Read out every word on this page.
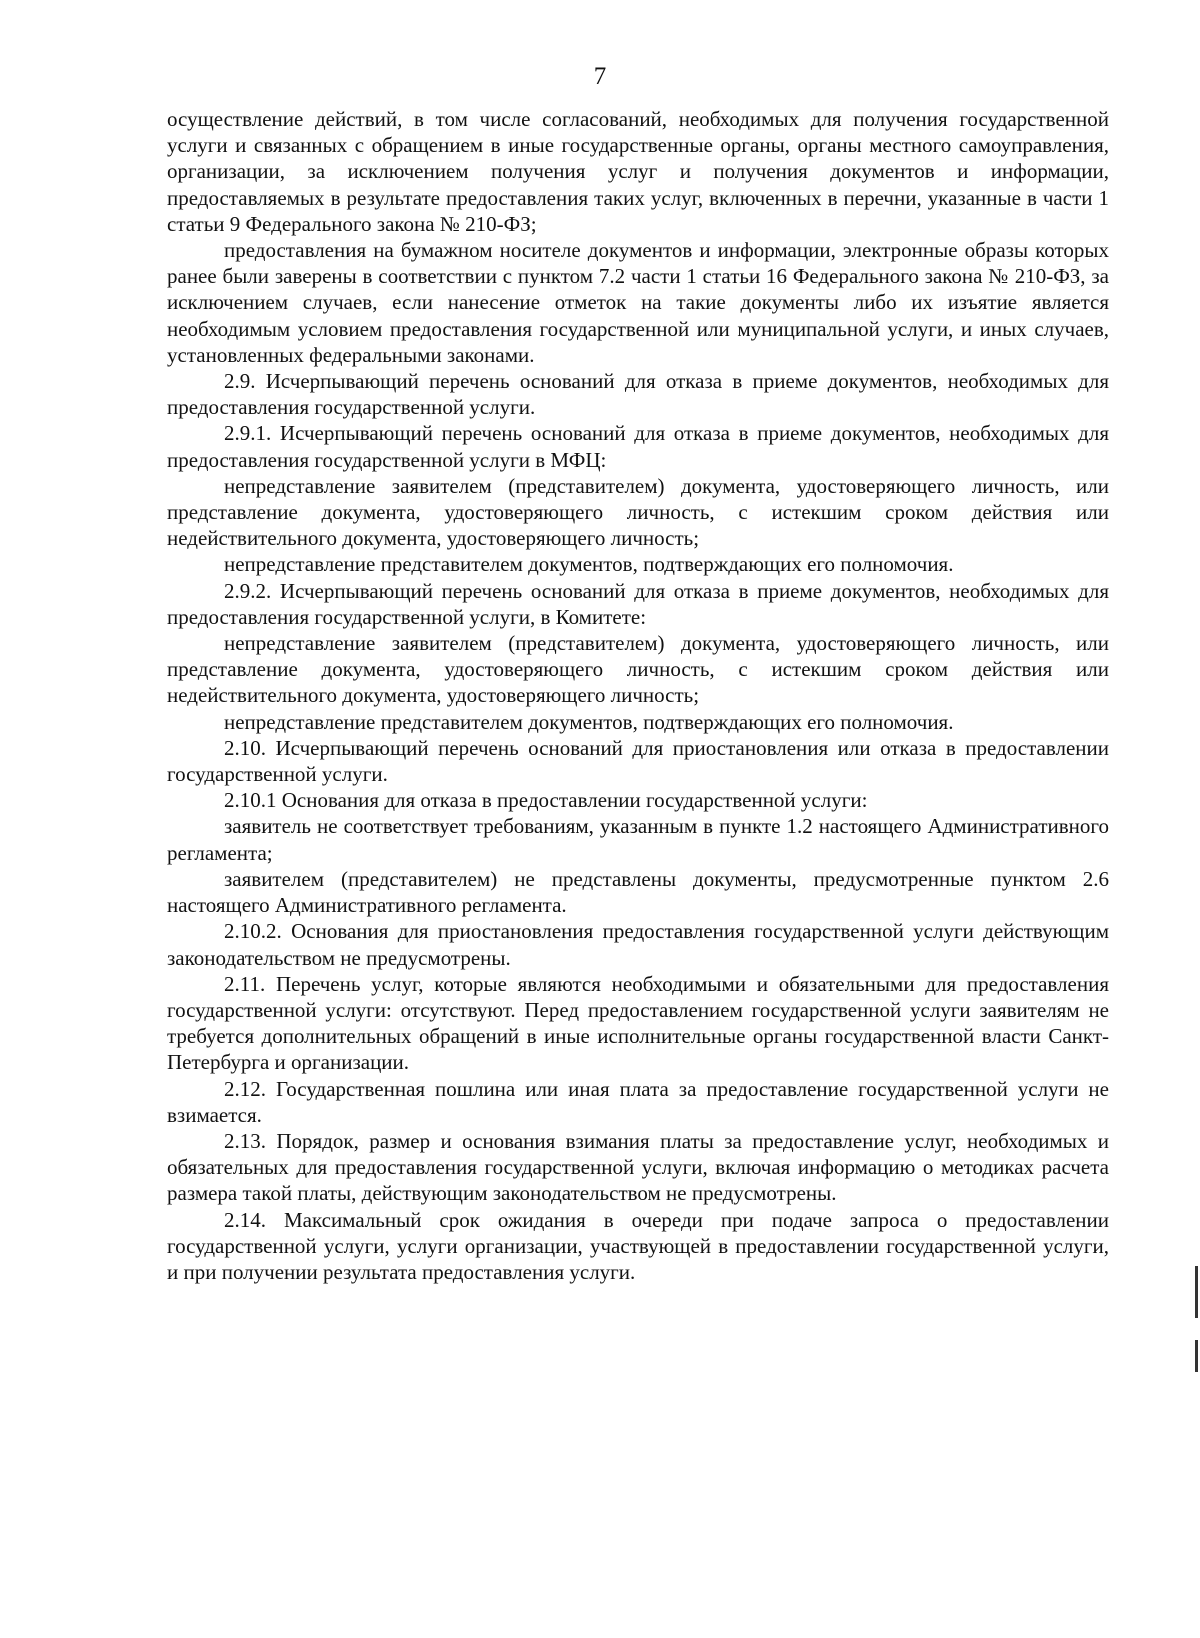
7

осуществление действий, в том числе согласований, необходимых для получения государственной услуги и связанных с обращением в иные государственные органы, органы местного самоуправления, организации, за исключением получения услуг и получения документов и информации, предоставляемых в результате предоставления таких услуг, включенных в перечни, указанные в части 1 статьи 9 Федерального закона № 210-ФЗ;

предоставления на бумажном носителе документов и информации, электронные образы которых ранее были заверены в соответствии с пунктом 7.2 части 1 статьи 16 Федерального закона № 210-ФЗ, за исключением случаев, если нанесение отметок на такие документы либо их изъятие является необходимым условием предоставления государственной или муниципальной услуги, и иных случаев, установленных федеральными законами.

2.9. Исчерпывающий перечень оснований для отказа в приеме документов, необходимых для предоставления государственной услуги.

2.9.1. Исчерпывающий перечень оснований для отказа в приеме документов, необходимых для предоставления государственной услуги в МФЦ:

непредставление заявителем (представителем) документа, удостоверяющего личность, или представление документа, удостоверяющего личность, с истекшим сроком действия или недействительного документа, удостоверяющего личность;

непредставление представителем документов, подтверждающих его полномочия.

2.9.2. Исчерпывающий перечень оснований для отказа в приеме документов, необходимых для предоставления государственной услуги, в Комитете:

непредставление заявителем (представителем) документа, удостоверяющего личность, или представление документа, удостоверяющего личность, с истекшим сроком действия или недействительного документа, удостоверяющего личность;

непредставление представителем документов, подтверждающих его полномочия.

2.10. Исчерпывающий перечень оснований для приостановления или отказа в предоставлении государственной услуги.

2.10.1 Основания для отказа в предоставлении государственной услуги:

заявитель не соответствует требованиям, указанным в пункте 1.2 настоящего Административного регламента;

заявителем (представителем) не представлены документы, предусмотренные пунктом 2.6 настоящего Административного регламента.

2.10.2. Основания для приостановления предоставления государственной услуги действующим законодательством не предусмотрены.

2.11. Перечень услуг, которые являются необходимыми и обязательными для предоставления государственной услуги: отсутствуют. Перед предоставлением государственной услуги заявителям не требуется дополнительных обращений в иные исполнительные органы государственной власти Санкт-Петербурга и организации.

2.12. Государственная пошлина или иная плата за предоставление государственной услуги не взимается.

2.13. Порядок, размер и основания взимания платы за предоставление услуг, необходимых и обязательных для предоставления государственной услуги, включая информацию о методиках расчета размера такой платы, действующим законодательством не предусмотрены.

2.14. Максимальный срок ожидания в очереди при подаче запроса о предоставлении государственной услуги, услуги организации, участвующей в предоставлении государственной услуги, и при получении результата предоставления услуги.
